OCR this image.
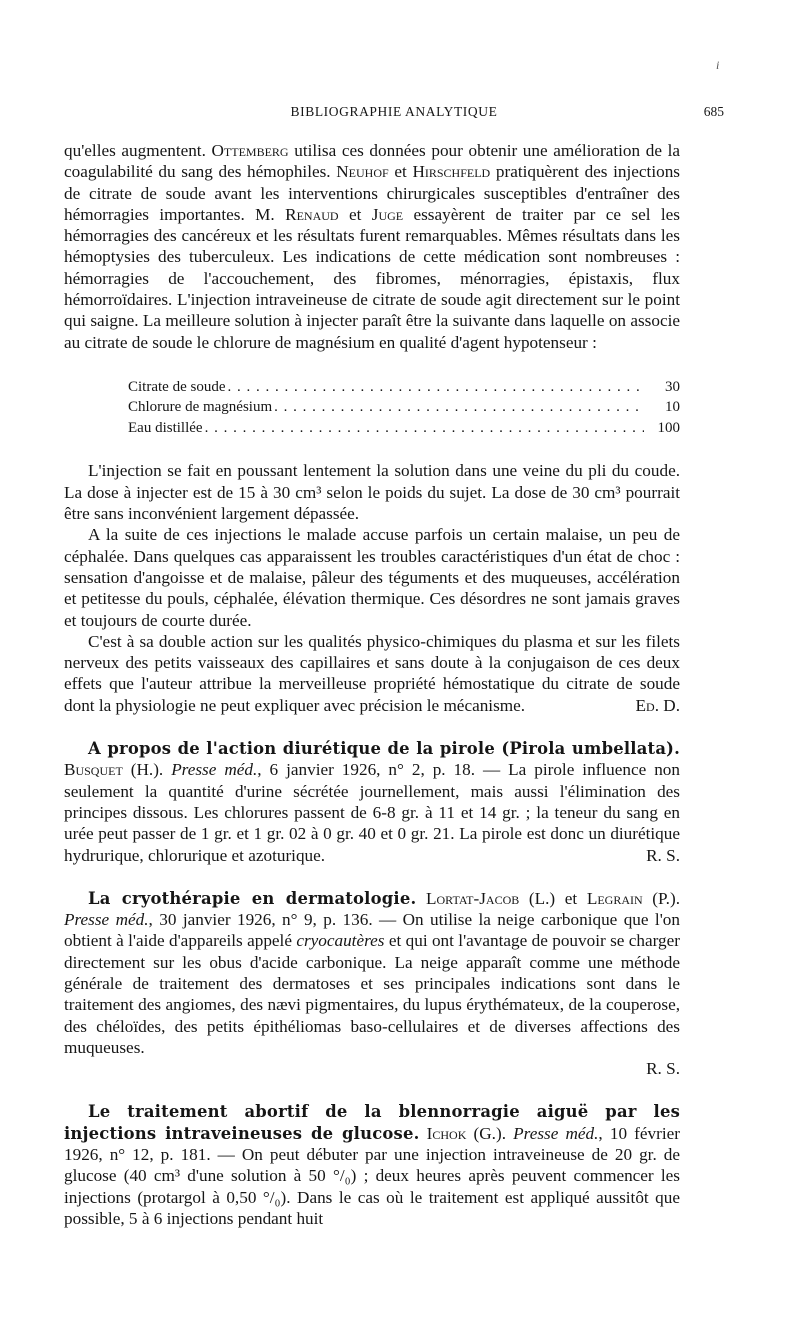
i
BIBLIOGRAPHIE ANALYTIQUE	685

qu'elles augmentent. Ottemberg utilisa ces données pour obtenir une amélioration de la coagulabilité du sang des hémophiles. Neuhof et Hirschfeld pratiquèrent des injections de citrate de soude avant les interventions chirurgicales susceptibles d'entraîner des hémorragies importantes. M. Renaud et Juge essayèrent de traiter par ce sel les hémorragies des cancéreux et les résultats furent remarquables. Mêmes résultats dans les hémoptysies des tuberculeux. Les indications de cette médication sont nombreuses : hémorragies de l'accouchement, des fibromes, ménorragies, épistaxis, flux hémorroïdaires. L'injection intraveineuse de citrate de soude agit directement sur le point qui saigne. La meilleure solution à injecter paraît être la suivante dans laquelle on associe au citrate de soude le chlorure de magnésium en qualité d'agent hypotenseur :

Citrate de soude . . .	30
Chlorure de magnésium . . .	10
Eau distillée . . .	100

L'injection se fait en poussant lentement la solution dans une veine du pli du coude. La dose à injecter est de 15 à 30 cm³ selon le poids du sujet. La dose de 30 cm³ pourrait être sans inconvénient largement dépassée.

A la suite de ces injections le malade accuse parfois un certain malaise, un peu de céphalée. Dans quelques cas apparaissent les troubles caractéristiques d'un état de choc : sensation d'angoisse et de malaise, pâleur des téguments et des muqueuses, accélération et petitesse du pouls, céphalée, élévation thermique. Ces désordres ne sont jamais graves et toujours de courte durée.

C'est à sa double action sur les qualités physico-chimiques du plasma et sur les filets nerveux des petits vaisseaux des capillaires et sans doute à la conjugaison de ces deux effets que l'auteur attribue la merveilleuse propriété hémostatique du citrate de soude dont la physiologie ne peut expliquer avec précision le mécanisme.	Ed. D.

A propos de l'action diurétique de la pirole (Pirola umbellata). Busquet (H.). Presse méd., 6 janvier 1926, n° 2, p. 18. — La pirole influence non seulement la quantité d'urine sécrétée journellement, mais aussi l'élimination des principes dissous. Les chlorures passent de 6-8 gr. à 11 et 14 gr. ; la teneur du sang en urée peut passer de 1 gr. et 1 gr. 02 à 0 gr. 40 et 0 gr. 21. La pirole est donc un diurétique hydrurique, chlorurique et azoturique.	R. S.

La cryothérapie en dermatologie. Lortat-Jacob (L.) et Legrain (P.). Presse méd., 30 janvier 1926, n° 9, p. 136. — On utilise la neige carbonique que l'on obtient à l'aide d'appareils appelé cryocautères et qui ont l'avantage de pouvoir se charger directement sur les obus d'acide carbonique. La neige apparaît comme une méthode générale de traitement des dermatoses et ses principales indications sont dans le traitement des angiomes, des nævi pigmentaires, du lupus érythémateux, de la couperose, des chéloïdes, des petits épithéliomas baso-cellulaires et de diverses affections des muqueuses.
R. S.

Le traitement abortif de la blennorragie aiguë par les injections intraveineuses de glucose. Ichok (G.). Presse méd., 10 février 1926, n° 12, p. 181. — On peut débuter par une injection intraveineuse de 20 gr. de glucose (40 cm³ d'une solution à 50 °/₀) ; deux heures après peuvent commencer les injections (protargol à 0,50 °/₀). Dans le cas où le traitement est appliqué aussitôt que possible, 5 à 6 injections pendant huit
